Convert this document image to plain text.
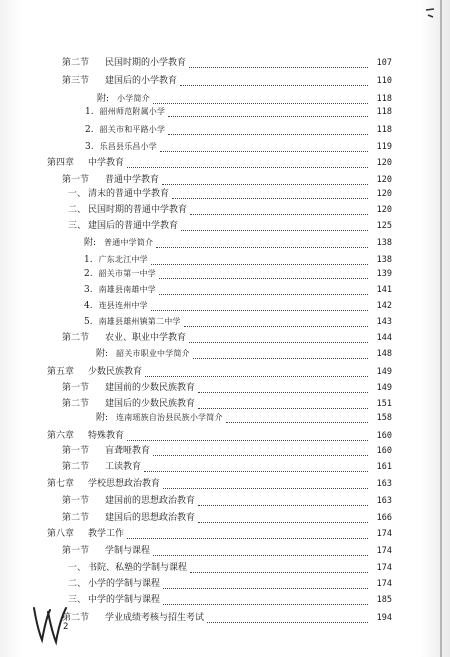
第二节 民国时期的小学教育	107
第三节 建国后的小学教育	110
附: 小学简介	118
1. 韶州师范附属小学	118
2. 韶关市和平路小学	118
3. 乐昌县乐昌小学	119
第四章 中学教育	120
第一节 普通中学教育	120
一、 清末的普通中学教育	120
二、 民国时期的普通中学教育	120
三、 建国后的普通中学教育	125
附: 普通中学简介	138
1. 广东北江中学	138
2. 韶关市第一中学	139
3. 南雄县南雄中学	141
4. 连县连州中学	142
5. 南雄县雄州镇第二中学	143
第二节 农业、职业中学教育	144
附: 韶关市职业中学简介	148
第五章 少数民族教育	149
第一节 建国前的少数民族教育	149
第二节 建国后的少数民族教育	151
附: 连南瑶族自治县民族小学简介	158
第六章 特殊教育	160
第一节 盲聋哑教育	160
第二节 工读教育	161
第七章 学校思想政治教育	163
第一节 建国前的思想政治教育	163
第二节 建国后的思想政治教育	166
第八章 教学工作	174
第一节 学制与课程	174
一、 书院、私塾的学制与课程	174
二、 小学的学制与课程	174
三、 中学的学制与课程	185
第二节 学业成绩考核与招生考试	194
2
